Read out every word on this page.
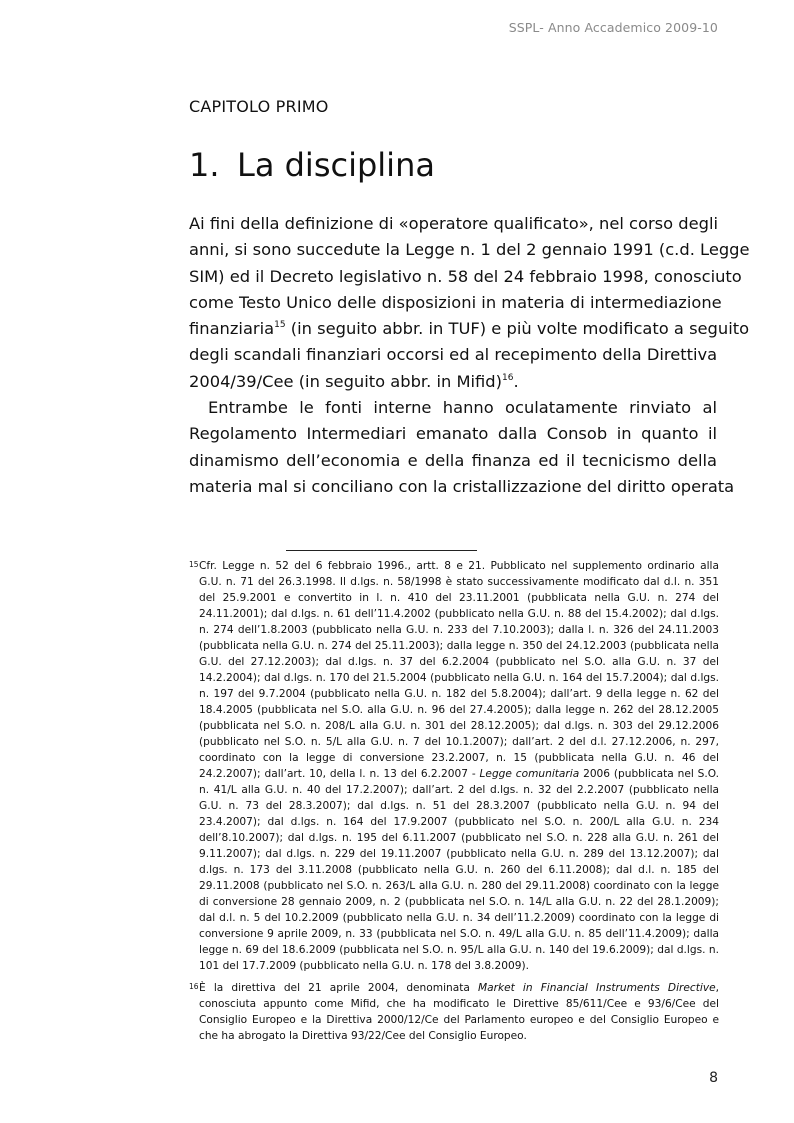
SSPL- Anno Accademico 2009-10
CAPITOLO PRIMO
1. La disciplina
Ai fini della definizione di «operatore qualificato», nel corso degli
anni, si sono succedute la Legge n. 1 del 2 gennaio 1991 (c.d. Legge
SIM) ed il Decreto legislativo n. 58 del 24 febbraio 1998, conosciuto
come Testo Unico delle disposizioni in materia di intermediazione
finanziaria$^{15}$ (in seguito abbr. in TUF) e più volte modificato a seguito
degli scandali finanziari occorsi ed al recepimento della Direttiva
2004/39/Cee (in seguito abbr. in Mifid)$^{16}$.
Entrambe le fonti interne hanno oculatamente rinviato al
Regolamento Intermediari emanato dalla Consob in quanto il
dinamismo dell’economia e della finanza ed il tecnicismo della
materia mal si conciliano con la cristallizzazione del diritto operata
15 Cfr. Legge n. 52 del 6 febbraio 1996., artt. 8 e 21. Pubblicato nel supplemento ordinario alla
G.U. n. 71 del 26.3.1998. Il d.lgs. n. 58/1998 è stato successivamente modificato dal d.l. n. 351
del 25.9.2001 e convertito in l. n. 410 del 23.11.2001 (pubblicata nella G.U. n. 274 del
24.11.2001); dal d.lgs. n. 61 dell’11.4.2002 (pubblicato nella G.U. n. 88 del 15.4.2002); dal d.lgs.
n. 274 dell’1.8.2003 (pubblicato nella G.U. n. 233 del 7.10.2003); dalla l. n. 326 del 24.11.2003
(pubblicata nella G.U. n. 274 del 25.11.2003); dalla legge n. 350 del 24.12.2003 (pubblicata nella
G.U. del 27.12.2003); dal d.lgs. n. 37 del 6.2.2004 (pubblicato nel S.O. alla G.U. n. 37 del
14.2.2004); dal d.lgs. n. 170 del 21.5.2004 (pubblicato nella G.U. n. 164 del 15.7.2004); dal d.lgs.
n. 197 del 9.7.2004 (pubblicato nella G.U. n. 182 del 5.8.2004); dall’art. 9 della legge n. 62 del
18.4.2005 (pubblicata nel S.O. alla G.U. n. 96 del 27.4.2005); dalla legge n. 262 del 28.12.2005
(pubblicata nel S.O. n. 208/L alla G.U. n. 301 del 28.12.2005); dal d.lgs. n. 303 del 29.12.2006
(pubblicato nel S.O. n. 5/L alla G.U. n. 7 del 10.1.2007); dall’art. 2 del d.l. 27.12.2006, n. 297,
coordinato con la legge di conversione 23.2.2007, n. 15 (pubblicata nella G.U. n. 46 del
24.2.2007); dall’art. 10, della l. n. 13 del 6.2.2007 - Legge comunitaria 2006 (pubblicata nel S.O.
n. 41/L alla G.U. n. 40 del 17.2.2007); dall’art. 2 del d.lgs. n. 32 del 2.2.2007 (pubblicato nella
G.U. n. 73 del 28.3.2007); dal d.lgs. n. 51 del 28.3.2007 (pubblicato nella G.U. n. 94 del
23.4.2007); dal d.lgs. n. 164 del 17.9.2007 (pubblicato nel S.O. n. 200/L alla G.U. n. 234
dell’8.10.2007); dal d.lgs. n. 195 del 6.11.2007 (pubblicato nel S.O. n. 228 alla G.U. n. 261 del
9.11.2007); dal d.lgs. n. 229 del 19.11.2007 (pubblicato nella G.U. n. 289 del 13.12.2007); dal
d.lgs. n. 173 del 3.11.2008 (pubblicato nella G.U. n. 260 del 6.11.2008); dal d.l. n. 185 del
29.11.2008 (pubblicato nel S.O. n. 263/L alla G.U. n. 280 del 29.11.2008) coordinato con la legge
di conversione 28 gennaio 2009, n. 2 (pubblicata nel S.O. n. 14/L alla G.U. n. 22 del 28.1.2009);
dal d.l. n. 5 del 10.2.2009 (pubblicato nella G.U. n. 34 dell’11.2.2009) coordinato con la legge di
conversione 9 aprile 2009, n. 33 (pubblicata nel S.O. n. 49/L alla G.U. n. 85 dell’11.4.2009); dalla
legge n. 69 del 18.6.2009 (pubblicata nel S.O. n. 95/L alla G.U. n. 140 del 19.6.2009); dal d.lgs. n.
101 del 17.7.2009 (pubblicato nella G.U. n. 178 del 3.8.2009).
16 È la direttiva del 21 aprile 2004, denominata Market in Financial Instruments Directive,
conosciuta appunto come Mifid, che ha modificato le Direttive 85/611/Cee e 93/6/Cee del
Consiglio Europeo e la Direttiva 2000/12/Ce del Parlamento europeo e del Consiglio Europeo e
che ha abrogato la Direttiva 93/22/Cee del Consiglio Europeo.
8
